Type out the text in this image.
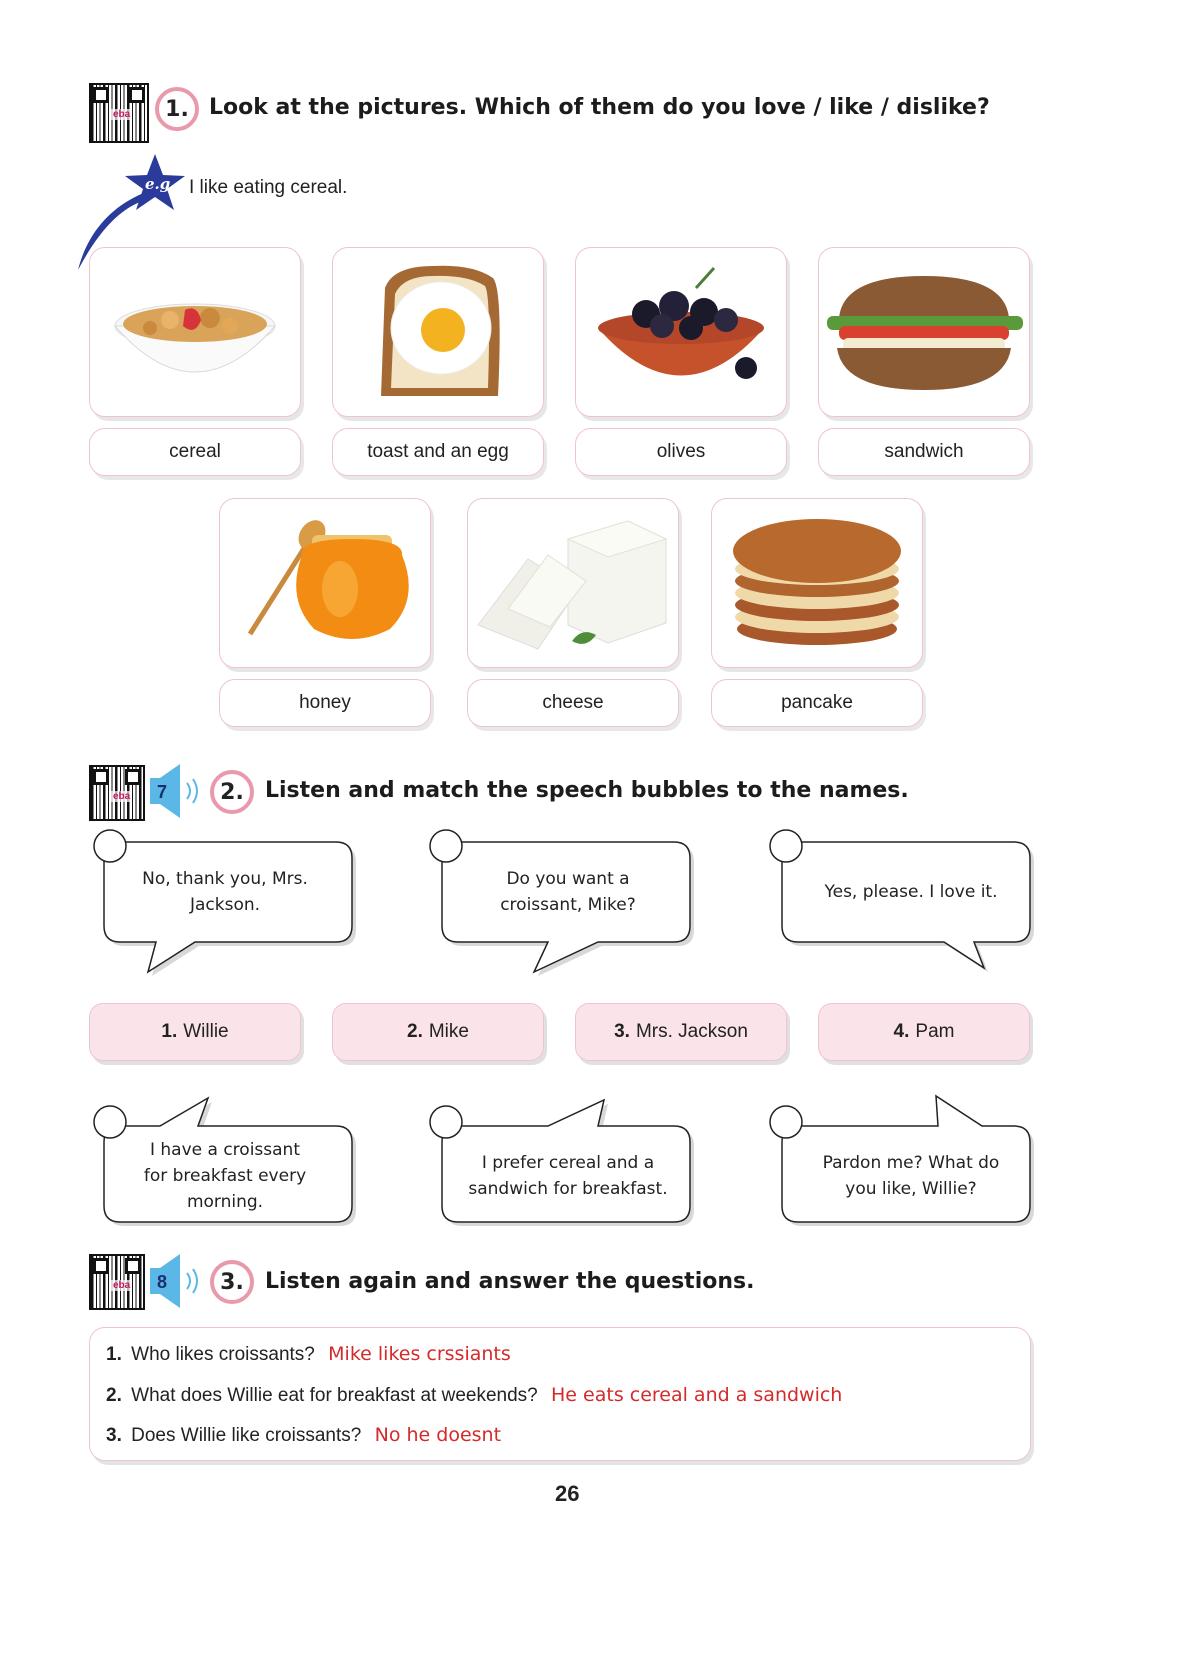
eba	1. Look at the pictures. Which of them do you love / like / dislike?
e.g. I like eating cereal.
cereal	toast and an egg	olives	sandwich
honey	cheese	pancake
eba 7	2. Listen and match the speech bubbles to the names.
No, thank you, Mrs.
Jackson.
Do you want a
croissant, Mike?
Yes, please. I love it.
1. Willie	2. Mike	3. Mrs. Jackson	4. Pam
I have a croissant
for breakfast every
morning.
I prefer cereal and a
sandwich for breakfast.
Pardon me? What do
you like, Willie?
eba 8	3. Listen again and answer the questions.
1. Who likes croissants? Mike likes crssiants
2. What does Willie eat for breakfast at weekends? He eats cereal and a sandwich
3. Does Willie like croissants? No he doesnt
26
